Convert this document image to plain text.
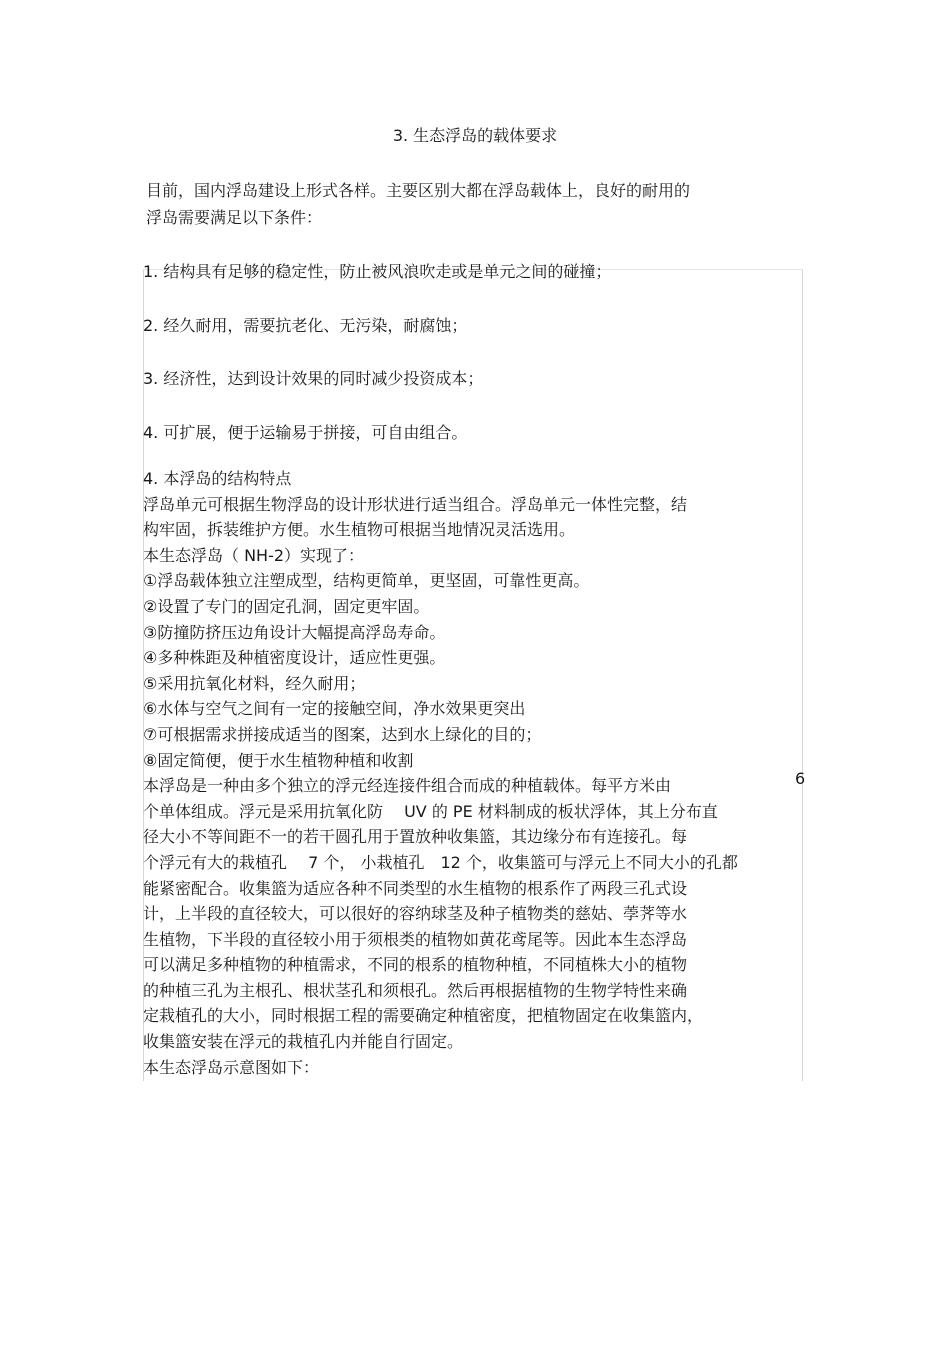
3. 生态浮岛的载体要求

目前，国内浮岛建设上形式各样。主要区别大都在浮岛载体上，良好的耐用的

浮岛需要满足以下条件：

1. 结构具有足够的稳定性，防止被风浪吹走或是单元之间的碰撞；

2. 经久耐用，需要抗老化、无污染，耐腐蚀；

3. 经济性，达到设计效果的同时减少投资成本；

4. 可扩展，便于运输易于拼接，可自由组合。

4. 本浮岛的结构特点
浮岛单元可根据生物浮岛的设计形状进行适当组合。浮岛单元一体性完整，结
构牢固，拆装维护方便。水生植物可根据当地情况灵活选用。
本生态浮岛（ NH-2）实现了：
①浮岛载体独立注塑成型，结构更简单，更坚固，可靠性更高。
②设置了专门的固定孔洞，固定更牢固。
③防撞防挤压边角设计大幅提高浮岛寿命。
④多种株距及种植密度设计，适应性更强。
⑤采用抗氧化材料，经久耐用；
⑥水体与空气之间有一定的接触空间，净水效果更突出
⑦可根据需求拼接成适当的图案，达到水上绿化的目的；
⑧固定简便，便于水生植物种植和收割
本浮岛是一种由多个独立的浮元经连接件组合而成的种植载体。每平方米由
个单体组成。浮元是采用抗氧化防　 UV 的 PE 材料制成的板状浮体，其上分布直
径大小不等间距不一的若干圆孔用于置放种收集篮，其边缘分布有连接孔。每
个浮元有大的栽植孔　 7 个， 小栽植孔　12 个，收集篮可与浮元上不同大小的孔都
能紧密配合。收集篮为适应各种不同类型的水生植物的根系作了两段三孔式设
计，上半段的直径较大，可以很好的容纳球茎及种子植物类的慈姑、荸荠等水
生植物，下半段的直径较小用于须根类的植物如黄花鸢尾等。因此本生态浮岛
可以满足多种植物的种植需求，不同的根系的植物种植，不同植株大小的植物
的种植三孔为主根孔、根状茎孔和须根孔。然后再根据植物的生物学特性来确
定栽植孔的大小，同时根据工程的需要确定种植密度，把植物固定在收集篮内，
收集篮安装在浮元的栽植孔内并能自行固定。
本生态浮岛示意图如下：
6
